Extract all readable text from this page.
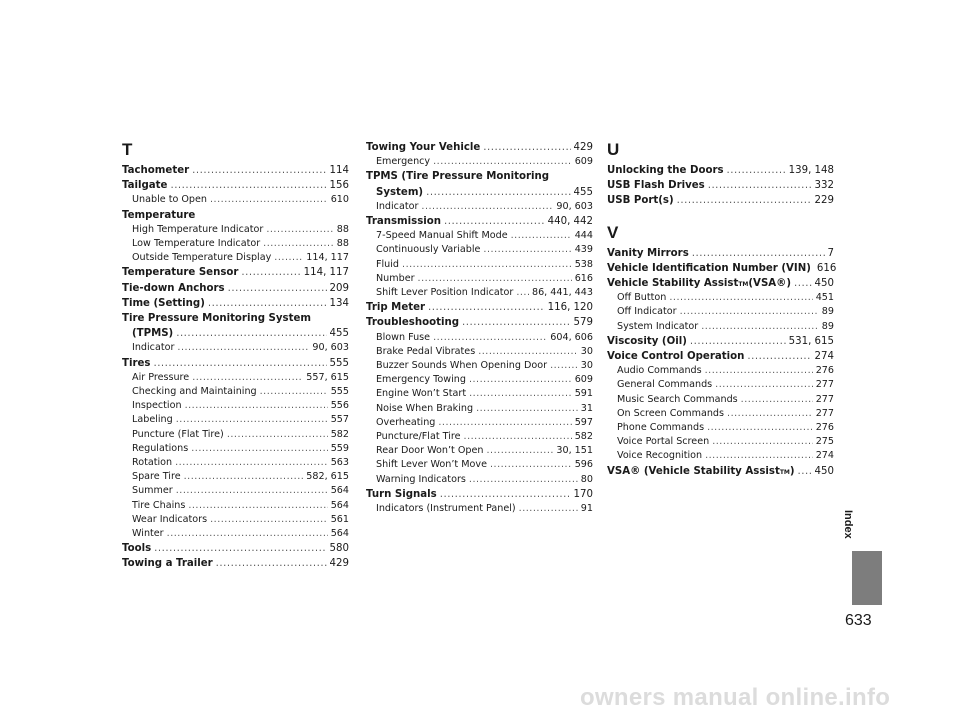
T
Tachometer .....	114
Tailgate .....	156
Unable to Open .....	610
Temperature
High Temperature Indicator .....	88
Low Temperature Indicator .....	88
Outside Temperature Display .....	114, 117
Temperature Sensor .....	114, 117
Tie-down Anchors .....	209
Time (Setting) .....	134
Tire Pressure Monitoring System
(TPMS) .....	455
Indicator .....	90, 603
Tires .....	555
Air Pressure .....	557, 615
Checking and Maintaining .....	555
Inspection .....	556
Labeling .....	557
Puncture (Flat Tire) .....	582
Regulations .....	559
Rotation .....	563
Spare Tire .....	582, 615
Summer .....	564
Tire Chains .....	564
Wear Indicators .....	561
Winter .....	564
Tools .....	580
Towing a Trailer .....	429
Towing Your Vehicle .....	429
Emergency .....	609
TPMS (Tire Pressure Monitoring
System) .....	455
Indicator .....	90, 603
Transmission .....	440, 442
7-Speed Manual Shift Mode .....	444
Continuously Variable .....	439
Fluid .....	538
Number .....	616
Shift Lever Position Indicator ..... 86, 441, 443
Trip Meter .....	116, 120
Troubleshooting .....	579
Blown Fuse .....	604, 606
Brake Pedal Vibrates .....	30
Buzzer Sounds When Opening Door .....	30
Emergency Towing .....	609
Engine Won’t Start .....	591
Noise When Braking .....	31
Overheating .....	597
Puncture/Flat Tire .....	582
Rear Door Won’t Open .....	30, 151
Shift Lever Won’t Move .....	596
Warning Indicators .....	80
Turn Signals .....	170
Indicators (Instrument Panel) .....	91
U
Unlocking the Doors .....	139, 148
USB Flash Drives .....	332
USB Port(s) .....	229
V
Vanity Mirrors .....	7
Vehicle Identification Number (VIN) 616
Vehicle Stability Assist TM (VSA®) ..... 450
Off Button .....	451
Off Indicator .....	89
System Indicator .....	89
Viscosity (Oil) .....	531, 615
Voice Control Operation .....	274
Audio Commands .....	276
General Commands .....	277
Music Search Commands .....	277
On Screen Commands .....	277
Phone Commands .....	276
Voice Portal Screen .....	275
Voice Recognition .....	274
VSA® (Vehicle Stability Assist TM ) ..... 450
Index
633
owners manual online.info
